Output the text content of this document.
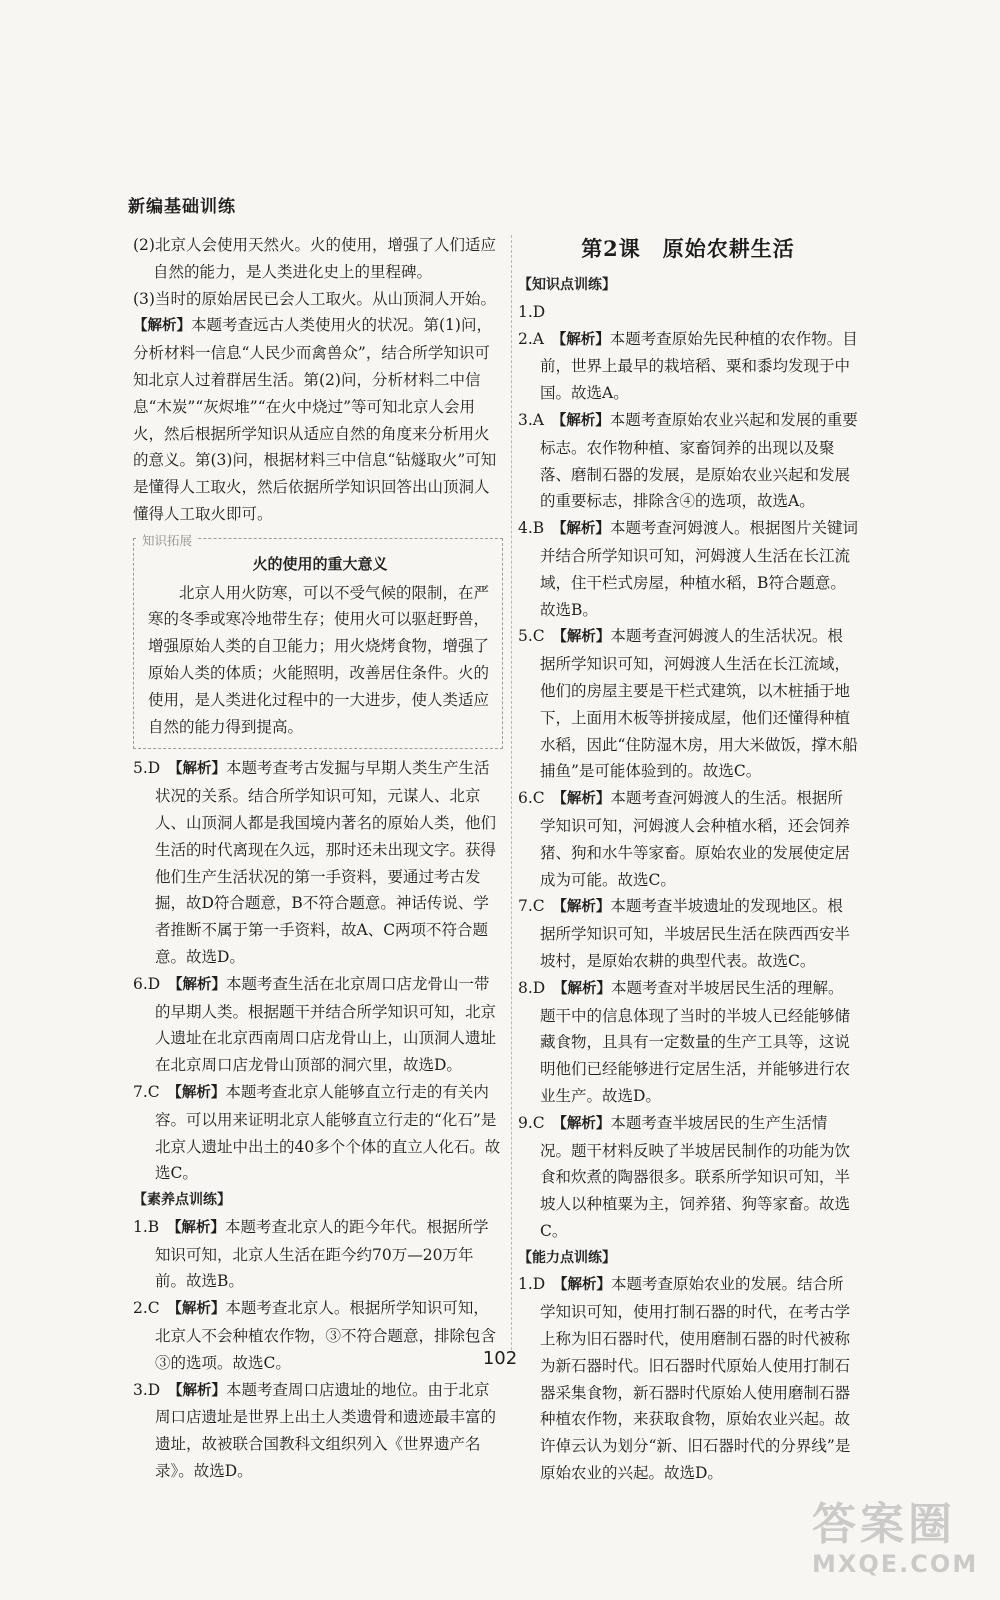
新编基础训练

(2)北京人会使用天然火。火的使用，增强了人们适应自然的能力，是人类进化史上的里程碑。

(3)当时的原始居民已会人工取火。从山顶洞人开始。

【解析】本题考查远古人类使用火的状况。第(1)问，分析材料一信息“人民少而禽兽众”，结合所学知识可知北京人过着群居生活。第(2)问，分析材料二中信息“木炭”“灰烬堆”“在火中烧过”等可知北京人会用火，然后根据所学知识从适应自然的角度来分析用火的意义。第(3)问，根据材料三中信息“钻燧取火”可知是懂得人工取火，然后依据所学知识回答出山顶洞人懂得人工取火即可。

知识拓展
火的使用的重大意义

北京人用火防寒，可以不受气候的限制，在严寒的冬季或寒冷地带生存；使用火可以驱赶野兽，增强原始人类的自卫能力；用火烧烤食物，增强了原始人类的体质；火能照明，改善居住条件。火的使用，是人类进化过程中的一大进步，使人类适应自然的能力得到提高。

5.D  【解析】本题考查考古发掘与早期人类生产生活状况的关系。结合所学知识可知，元谋人、北京人、山顶洞人都是我国境内著名的原始人类，他们生活的时代离现在久远，那时还未出现文字。获得他们生产生活状况的第一手资料，要通过考古发掘，故D符合题意，B不符合题意。神话传说、学者推断不属于第一手资料，故A、C两项不符合题意。故选D。

6.D  【解析】本题考查生活在北京周口店龙骨山一带的早期人类。根据题干并结合所学知识可知，北京人遗址在北京西南周口店龙骨山上，山顶洞人遗址在北京周口店龙骨山顶部的洞穴里，故选D。

7.C  【解析】本题考查北京人能够直立行走的有关内容。可以用来证明北京人能够直立行走的“化石”是北京人遗址中出土的40多个个体的直立人化石。故选C。

【素养点训练】

1.B  【解析】本题考查北京人的距今年代。根据所学知识可知，北京人生活在距今约70万—20万年前。故选B。

2.C  【解析】本题考查北京人。根据所学知识可知，北京人不会种植农作物，③不符合题意，排除包含③的选项。故选C。

3.D  【解析】本题考查周口店遗址的地位。由于北京周口店遗址是世界上出土人类遗骨和遗迹最丰富的遗址，故被联合国教科文组织列入《世界遗产名录》。故选D。

第2课　原始农耕生活
【知识点训练】

1.D

2.A  【解析】本题考查原始先民种植的农作物。目前，世界上最早的栽培稻、粟和黍均发现于中国。故选A。

3.A  【解析】本题考查原始农业兴起和发展的重要标志。农作物种植、家畜饲养的出现以及聚落、磨制石器的发展，是原始农业兴起和发展的重要标志，排除含④的选项，故选A。

4.B  【解析】本题考查河姆渡人。根据图片关键词并结合所学知识可知，河姆渡人生活在长江流域，住干栏式房屋，种植水稻，B符合题意。故选B。

5.C  【解析】本题考查河姆渡人的生活状况。根据所学知识可知，河姆渡人生活在长江流域，他们的房屋主要是干栏式建筑，以木桩插于地下，上面用木板等拼接成屋，他们还懂得种植水稻，因此“住防湿木房，用大米做饭，撑木船捕鱼”是可能体验到的。故选C。

6.C  【解析】本题考查河姆渡人的生活。根据所学知识可知，河姆渡人会种植水稻，还会饲养猪、狗和水牛等家畜。原始农业的发展使定居成为可能。故选C。

7.C  【解析】本题考查半坡遗址的发现地区。根据所学知识可知，半坡居民生活在陕西西安半坡村，是原始农耕的典型代表。故选C。

8.D  【解析】本题考查对半坡居民生活的理解。题干中的信息体现了当时的半坡人已经能够储藏食物，且具有一定数量的生产工具等，这说明他们已经能够进行定居生活，并能够进行农业生产。故选D。

9.C  【解析】本题考查半坡居民的生产生活情况。题干材料反映了半坡居民制作的功能为饮食和炊煮的陶器很多。联系所学知识可知，半坡人以种植粟为主，饲养猪、狗等家畜。故选C。

【能力点训练】

1.D  【解析】本题考查原始农业的发展。结合所学知识可知，使用打制石器的时代，在考古学上称为旧石器时代，使用磨制石器的时代被称为新石器时代。旧石器时代原始人使用打制石器采集食物，新石器时代原始人使用磨制石器种植农作物，来获取食物，原始农业兴起。故许倬云认为划分“新、旧石器时代的分界线”是原始农业的兴起。故选D。

102
答案圈
MXQE.COM
